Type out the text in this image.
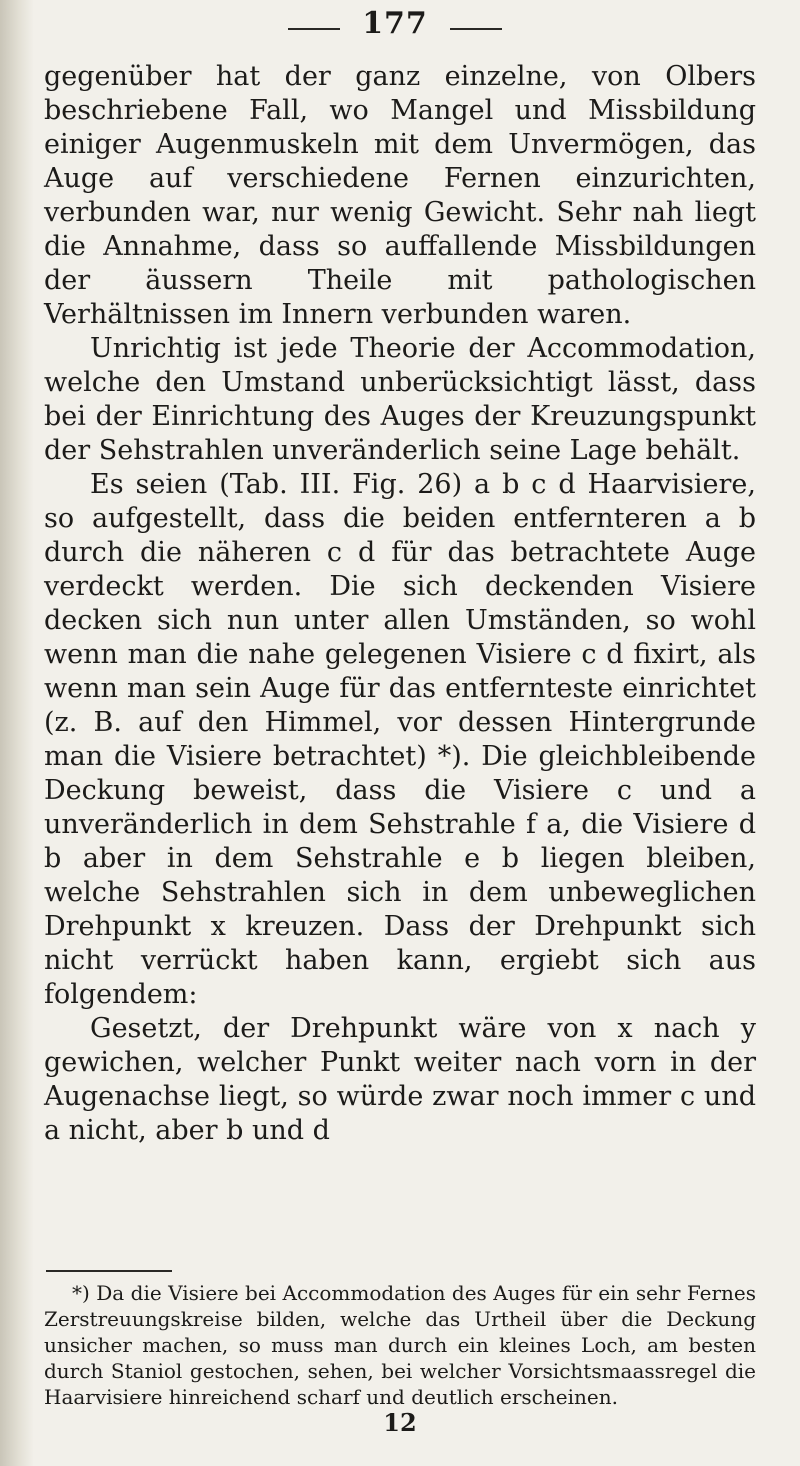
177

gegenüber hat der ganz einzelne, von Olbers beschriebene Fall, wo Mangel und Missbildung einiger Augenmuskeln mit dem Unvermögen, das Auge auf verschiedene Fernen einzurichten, verbunden war, nur wenig Gewicht. Sehr nah liegt die Annahme, dass so auffallende Missbildungen der äussern Theile mit pathologischen Verhältnissen im Innern verbunden waren.

Unrichtig ist jede Theorie der Accommodation, welche den Umstand unberücksichtigt lässt, dass bei der Einrichtung des Auges der Kreuzungspunkt der Sehstrahlen unveränderlich seine Lage behält.

Es seien (Tab. III. Fig. 26) a b c d Haarvisiere, so aufgestellt, dass die beiden entfernteren a b durch die näheren c d für das betrachtete Auge verdeckt werden. Die sich deckenden Visiere decken sich nun unter allen Umständen, so wohl wenn man die nahe gelegenen Visiere c d fixirt, als wenn man sein Auge für das entfernteste einrichtet (z. B. auf den Himmel, vor dessen Hintergrunde man die Visiere betrachtet) *). Die gleichbleibende Deckung beweist, dass die Visiere c und a unveränderlich in dem Sehstrahle f a, die Visiere d b aber in dem Sehstrahle e b liegen bleiben, welche Sehstrahlen sich in dem unbeweglichen Drehpunkt x kreuzen. Dass der Drehpunkt sich nicht verrückt haben kann, ergiebt sich aus folgendem:

Gesetzt, der Drehpunkt wäre von x nach y gewichen, welcher Punkt weiter nach vorn in der Augenachse liegt, so würde zwar noch immer c und a nicht, aber b und d

*) Da die Visiere bei Accommodation des Auges für ein sehr Fernes Zerstreuungskreise bilden, welche das Urtheil über die Deckung unsicher machen, so muss man durch ein kleines Loch, am besten durch Staniol gestochen, sehen, bei welcher Vorsichtsmaassregel die Haarvisiere hinreichend scharf und deutlich erscheinen.

12
